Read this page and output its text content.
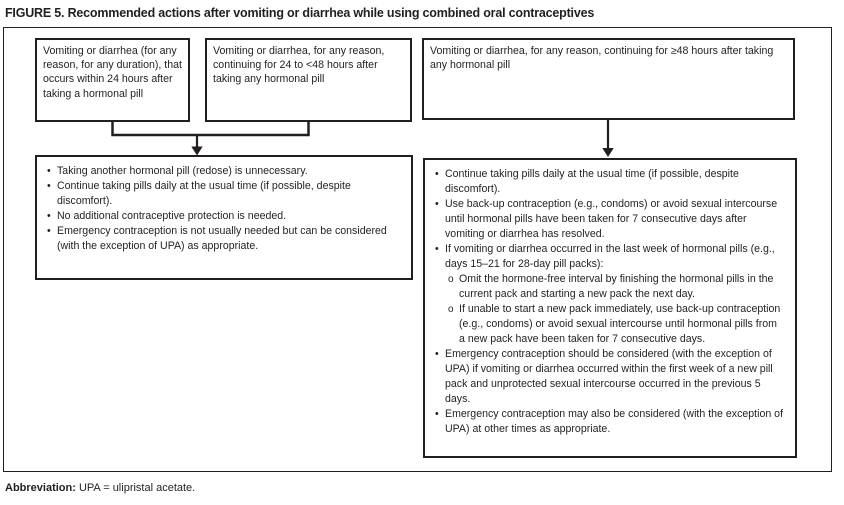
FIGURE 5. Recommended actions after vomiting or diarrhea while using combined oral contraceptives
Vomiting or diarrhea (for any reason, for any duration), that occurs within 24 hours after taking a hormonal pill
Vomiting or diarrhea, for any reason, continuing for 24 to <48 hours after taking any hormonal pill
Vomiting or diarrhea, for any reason, continuing for ≥48 hours after taking any hormonal pill
• Taking another hormonal pill (redose) is unnecessary.
• Continue taking pills daily at the usual time (if possible, despite discomfort).
• No additional contraceptive protection is needed.
• Emergency contraception is not usually needed but can be considered (with the exception of UPA) as appropriate.
• Continue taking pills daily at the usual time (if possible, despite discomfort).
• Use back-up contraception (e.g., condoms) or avoid sexual intercourse until hormonal pills have been taken for 7 consecutive days after vomiting or diarrhea has resolved.
• If vomiting or diarrhea occurred in the last week of hormonal pills (e.g., days 15–21 for 28-day pill packs):
o Omit the hormone-free interval by finishing the hormonal pills in the current pack and starting a new pack the next day.
o If unable to start a new pack immediately, use back-up contraception (e.g., condoms) or avoid sexual intercourse until hormonal pills from a new pack have been taken for 7 consecutive days.
• Emergency contraception should be considered (with the exception of UPA) if vomiting or diarrhea occurred within the first week of a new pill pack and unprotected sexual intercourse occurred in the previous 5 days.
• Emergency contraception may also be considered (with the exception of UPA) at other times as appropriate.
Abbreviation: UPA = ulipristal acetate.
